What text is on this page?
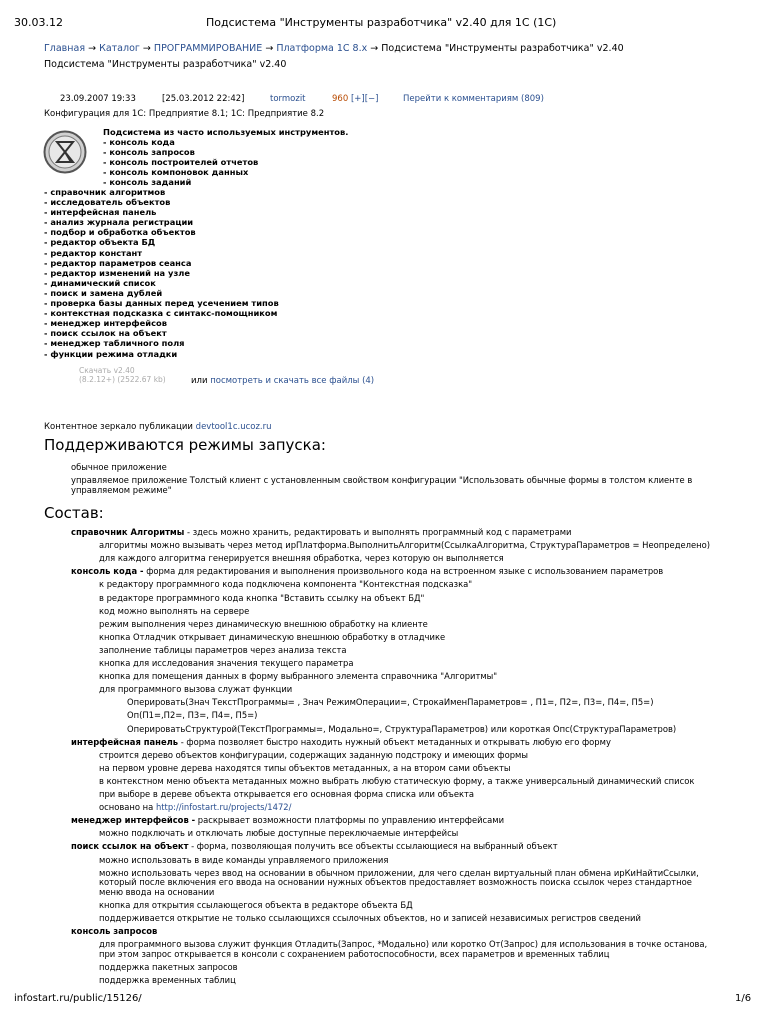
30.03.12	Подсистема "Инструменты разработчика" v2.40 для 1С (1С)
Главная → Каталог → ПРОГРАММИРОВАНИЕ → Платформа 1С 8.x → Подсистема "Инструменты разработчика" v2.40
Подсистема "Инструменты разработчика" v2.40
23.09.2007 19:33	[25.03.2012 22:42]	tormozit	960 [+][−]	Перейти к комментариям (809)
Конфигурация для 1С: Предприятие 8.1; 1С: Предприятие 8.2
Подсистема из часто используемых инструментов.
- консоль кода
- консоль запросов
- консоль построителей отчетов
- консоль компоновок данных
- консоль заданий
- справочник алгоритмов
- исследователь объектов
- интерфейсная панель
- анализ журнала регистрации
- подбор и обработка объектов
- редактор объекта БД
- редактор констант
- редактор параметров сеанса
- редактор изменений на узле
- динамический список
- поиск и замена дублей
- проверка базы данных перед усечением типов
- контекстная подсказка с синтакс-помощником
- менеджер интерфейсов
- поиск ссылок на объект
- менеджер табличного поля
- функции режима отладки
Скачать v2.40
(8.2.12+) (2522.67 kb)	или посмотреть и скачать все файлы (4)
Контентное зеркало публикации devtool1c.ucoz.ru
Поддерживаются режимы запуска:
обычное приложение
управляемое приложение Толстый клиент с установленным свойством конфигурации "Использовать обычные формы в толстом клиенте в
управляемом режиме"
Состав:
справочник Алгоритмы - здесь можно хранить, редактировать и выполнять программный код с параметрами
алгоритмы можно вызывать через метод ирПлатформа.ВыполнитьАлгоритм(СсылкаАлгоритма, СтруктураПараметров = Неопределено)
для каждого алгоритма генерируется внешняя обработка, через которую он выполняется
консоль кода - форма для редактирования и выполнения произвольного кода на встроенном языке с использованием параметров
к редактору программного кода подключена компонента "Контекстная подсказка"
в редакторе программного кода кнопка "Вставить ссылку на объект БД"
код можно выполнять на сервере
режим выполнения через динамическую внешнюю обработку на клиенте
кнопка Отладчик открывает динамическую внешнюю обработку в отладчике
заполнение таблицы параметров через анализа текста
кнопка для исследования значения текущего параметра
кнопка для помещения данных в форму выбранного элемента справочника "Алгоритмы"
для программного вызова служат функции
Оперировать(Знач ТекстПрограммы= , Знач РежимОперации=, СтрокаИменПараметров= , П1=, П2=, П3=, П4=, П5=)
Оп(П1=,П2=, П3=, П4=, П5=)
ОперироватьСтруктурой(ТекстПрограммы=, Модально=, СтруктураПараметров) или короткая Опс(СтруктураПараметров)
интерфейсная панель - форма позволяет быстро находить нужный объект метаданных и открывать любую его форму
строится дерево объектов конфигурации, содержащих заданную подстроку и имеющих формы
на первом уровне дерева находятся типы объектов метаданных, а на втором сами объекты
в контекстном меню объекта метаданных можно выбрать любую статическую форму, а также универсальный динамический список
при выборе в дереве объекта открывается его основная форма списка или объекта
основано на http://infostart.ru/projects/1472/
менеджер интерфейсов - раскрывает возможности платформы по управлению интерфейсами
можно подключать и отключать любые доступные переключаемые интерфейсы
поиск ссылок на объект - форма, позволяющая получить все объекты ссылающиеся на выбранный объект
можно использовать в виде команды управляемого приложения
можно использовать через ввод на основании в обычном приложении, для чего сделан виртуальный план обмена ирКиНайтиСсылки,
который после включения его ввода на основании нужных объектов предоставляет возможность поиска ссылок через стандартное
меню ввода на основании
кнопка для открытия ссылающегося объекта в редакторе объекта БД
поддерживается открытие не только ссылающихся ссылочных объектов, но и записей независимых регистров сведений
консоль запросов
для программного вызова служит функция Отладить(Запрос, *Модально) или коротко От(Запрос) для использования в точке останова,
при этом запрос открывается в консоли с сохранением работоспособности, всех параметров и временных таблиц
поддержка пакетных запросов
поддержка временных таблиц
infostart.ru/public/15126/	1/6
